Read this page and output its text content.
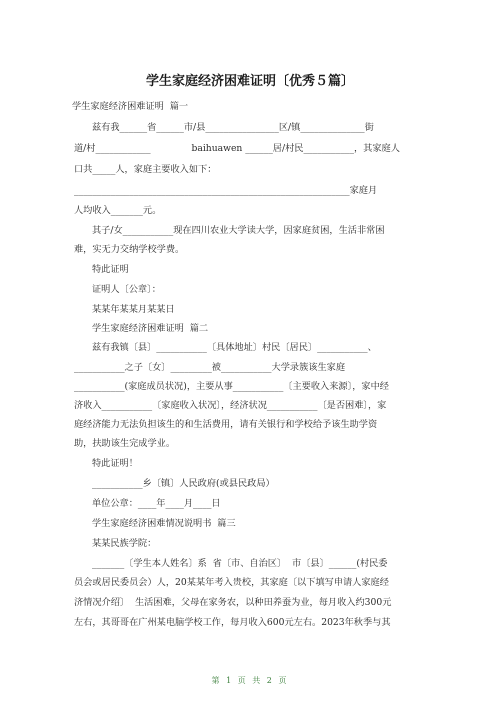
学生家庭经济困难证明〔优秀５篇〕
学生家庭经济困难证明  篇一
兹有我______省______市/县________________区/镇______________街
道/村____________              baihuawen ______居/村民___________，其家庭人
口共_____人，家庭主要收入如下：
____________________________________________________________家庭月
人均收入_______元。
其子/女___________现在四川农业大学读大学，因家庭贫困，生活非常困
难，实无力交纳学校学费。
特此证明
证明人〔公章〕：
某某年某某月某某日
学生家庭经济困难证明  篇二
兹有我镇〔县〕___________〔具体地址〕村民〔居民〕___________、
___________之子〔女〕_________被___________大学录簇该生家庭
___________(家庭成员状况)，主要从事___________〔主要收入来源〕，家中经
济收入___________〔家庭收入状况〕，经济状况___________〔是否困难〕，家
庭经济能力无法负担该生的和生活费用，请有关银行和学校给予该生助学资
助，扶助该生完成学业。
特此证明！
___________乡〔镇〕人民政府(或县民政局）
单位公章：____年____月____日
学生家庭经济困难情况说明书  篇三
某某民族学院：
_______〔学生本人姓名〕系  省〔市、自治区〕  市〔县〕______(村民委
员会或居民委员会）人，20某某年考入贵校，其家庭〔以下填写申请人家庭经
济情况介绍〕  生活困难，父母在家务农，以种田养蚕为业，每月收入约300元
左右，其哥哥在广州某电脑学校工作，每月收入600元左右。2023年秋季与其
第 1 页 共 2 页
